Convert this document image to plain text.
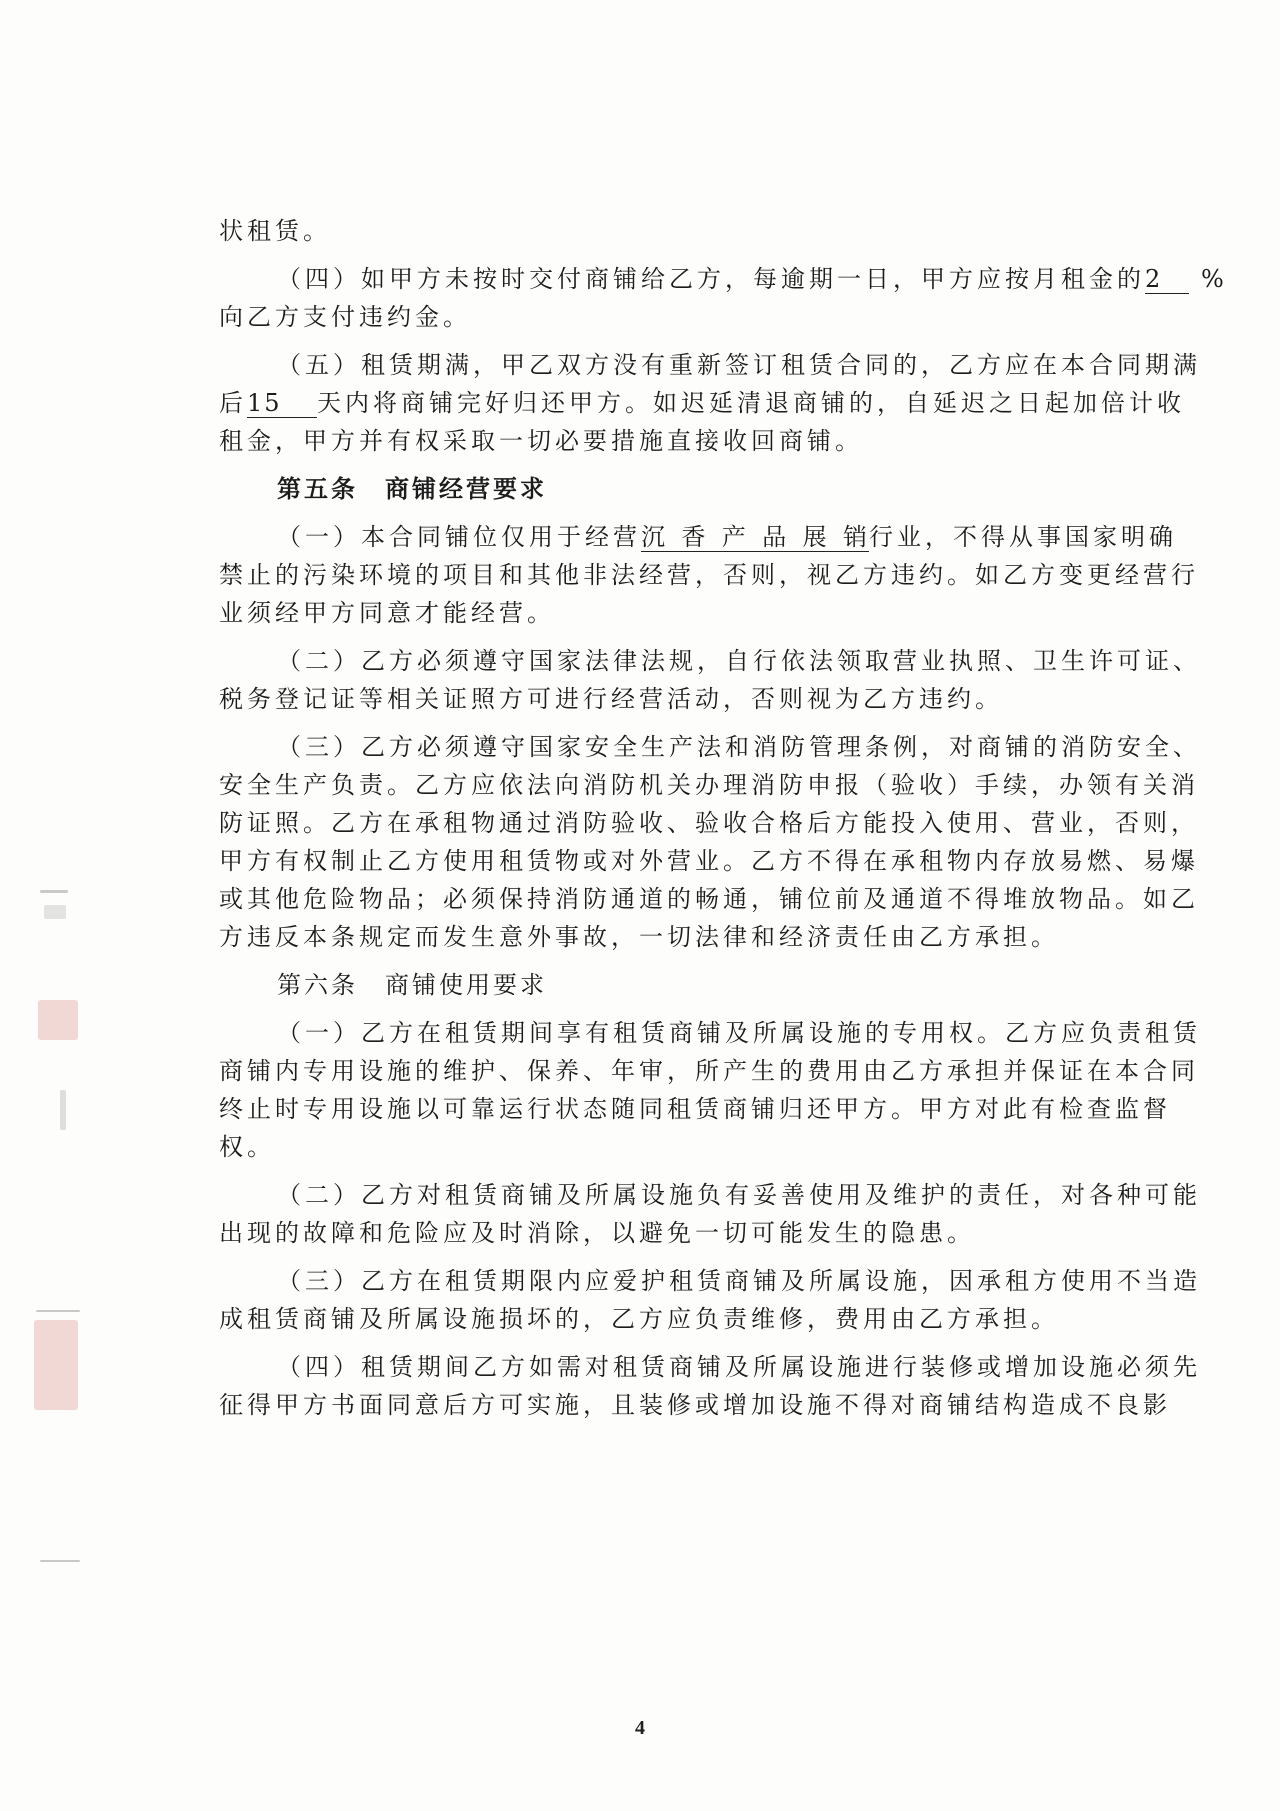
状租赁。
（四）如甲方未按时交付商铺给乙方，每逾期一日，甲方应按月租金的2 %
向乙方支付违约金。
（五）租赁期满，甲乙双方没有重新签订租赁合同的，乙方应在本合同期满
后15 天内将商铺完好归还甲方。如迟延清退商铺的，自延迟之日起加倍计收
租金，甲方并有权采取一切必要措施直接收回商铺。
第五条　商铺经营要求
（一）本合同铺位仅用于经营沉香产品展销行业，不得从事国家明确
禁止的污染环境的项目和其他非法经营，否则，视乙方违约。如乙方变更经营行
业须经甲方同意才能经营。
（二）乙方必须遵守国家法律法规，自行依法领取营业执照、卫生许可证、
税务登记证等相关证照方可进行经营活动，否则视为乙方违约。
（三）乙方必须遵守国家安全生产法和消防管理条例，对商铺的消防安全、
安全生产负责。乙方应依法向消防机关办理消防申报（验收）手续，办领有关消
防证照。乙方在承租物通过消防验收、验收合格后方能投入使用、营业，否则，
甲方有权制止乙方使用租赁物或对外营业。乙方不得在承租物内存放易燃、易爆
或其他危险物品；必须保持消防通道的畅通，铺位前及通道不得堆放物品。如乙
方违反本条规定而发生意外事故，一切法律和经济责任由乙方承担。
第六条　商铺使用要求
（一）乙方在租赁期间享有租赁商铺及所属设施的专用权。乙方应负责租赁
商铺内专用设施的维护、保养、年审，所产生的费用由乙方承担并保证在本合同
终止时专用设施以可靠运行状态随同租赁商铺归还甲方。甲方对此有检查监督
权。
（二）乙方对租赁商铺及所属设施负有妥善使用及维护的责任，对各种可能
出现的故障和危险应及时消除，以避免一切可能发生的隐患。
（三）乙方在租赁期限内应爱护租赁商铺及所属设施，因承租方使用不当造
成租赁商铺及所属设施损坏的，乙方应负责维修，费用由乙方承担。
（四）租赁期间乙方如需对租赁商铺及所属设施进行装修或增加设施必须先
征得甲方书面同意后方可实施，且装修或增加设施不得对商铺结构造成不良影
4
